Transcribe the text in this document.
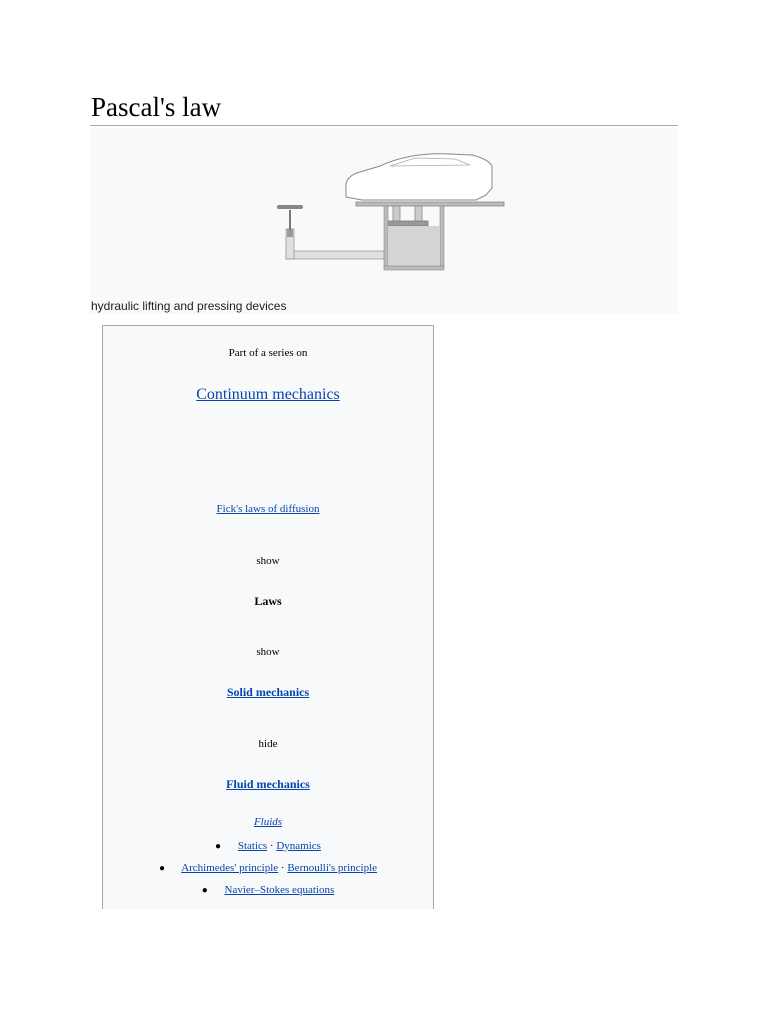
Pascal's law
hydraulic lifting and pressing devices
Part of a series on
Continuum mechanics
Fick's laws of diffusion
show
Laws
show
Solid mechanics
hide
Fluid mechanics
Fluids
● Statics · Dynamics
● Archimedes' principle · Bernoulli's principle
● Navier–Stokes equations
